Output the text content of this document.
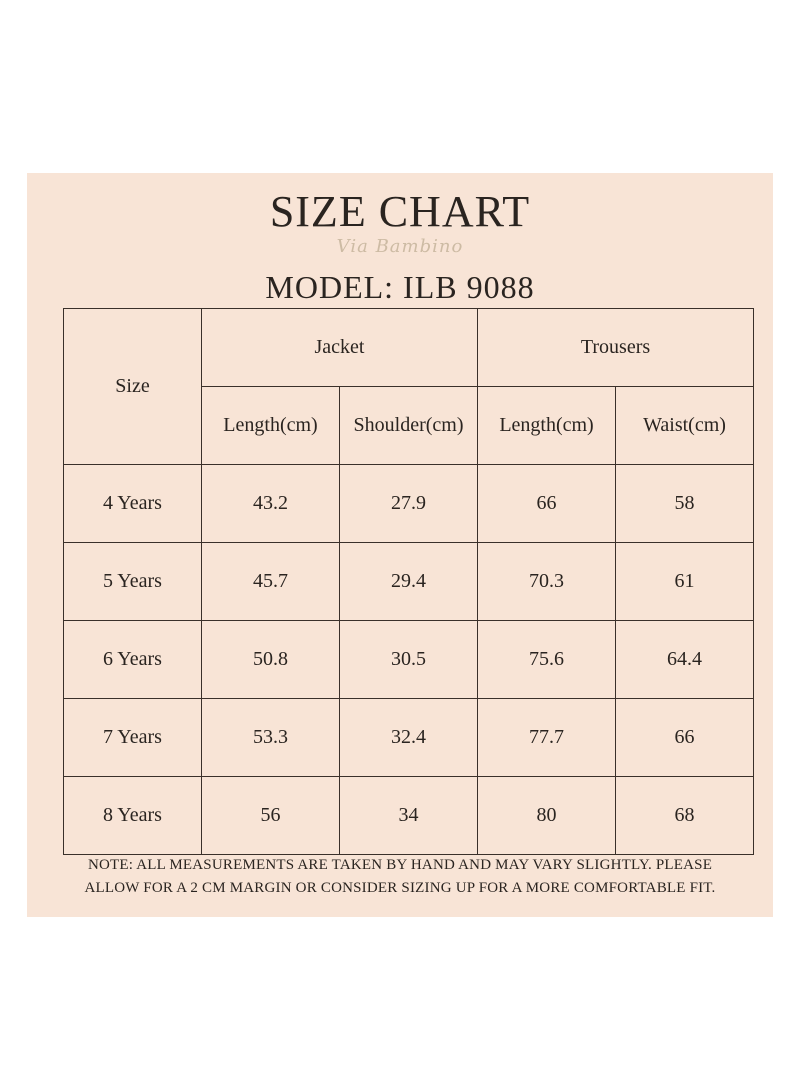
SIZE CHART
Via Bambino
MODEL: ILB 9088
Size	Jacket		Trousers	
	Length(cm)	Shoulder(cm)	Length(cm)	Waist(cm)
4 Years	43.2	27.9	66	58
5 Years	45.7	29.4	70.3	61
6 Years	50.8	30.5	75.6	64.4
7 Years	53.3	32.4	77.7	66
8 Years	56	34	80	68
NOTE: ALL MEASUREMENTS ARE TAKEN BY HAND AND MAY VARY SLIGHTLY. PLEASE
ALLOW FOR A 2 CM MARGIN OR CONSIDER SIZING UP FOR A MORE COMFORTABLE FIT.
